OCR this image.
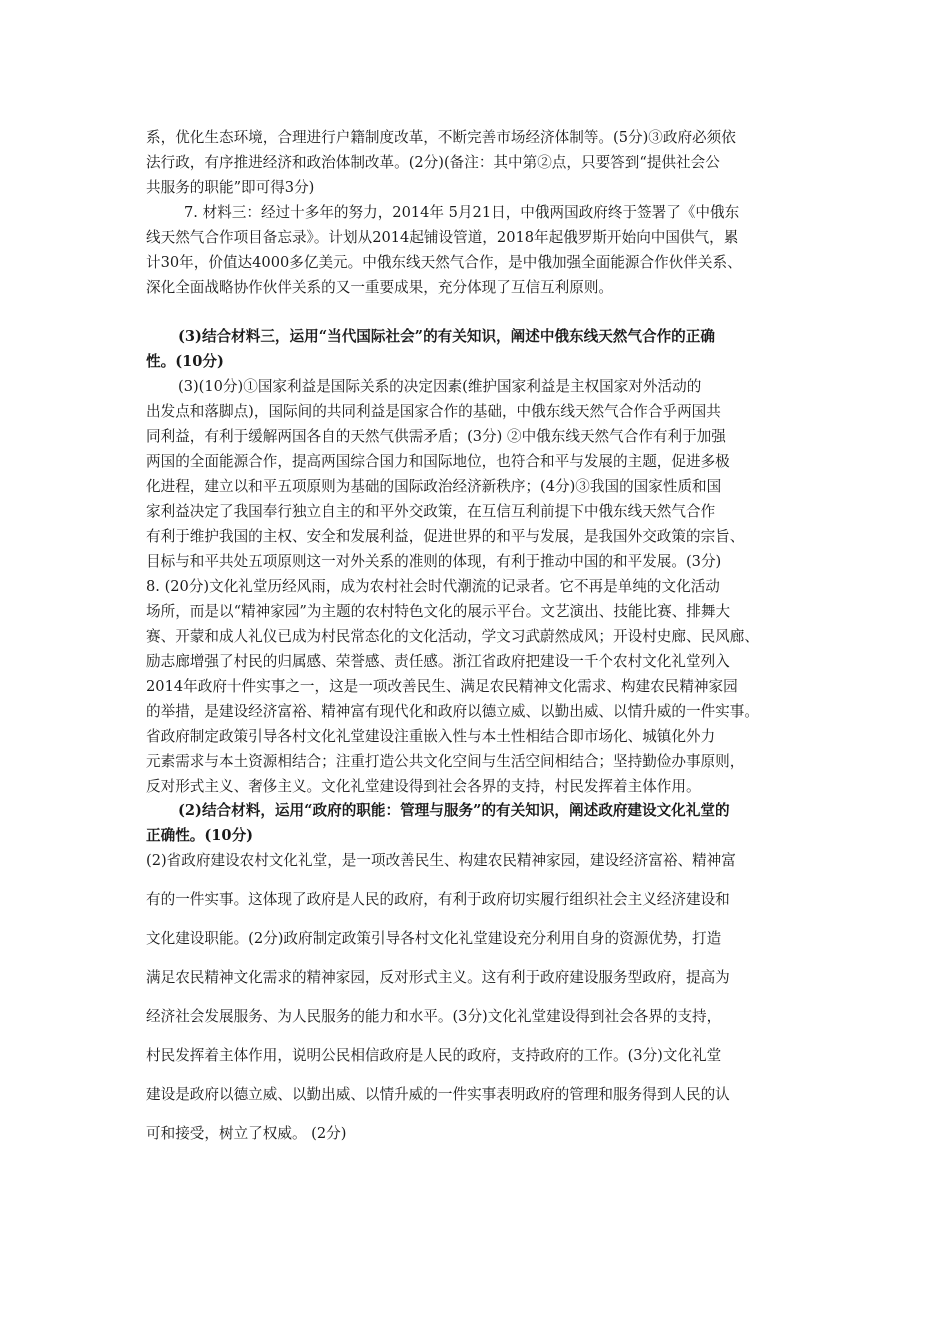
系，优化生态环境，合理进行户籍制度改革，不断完善市场经济体制等。(5分)③政府必须依
法行政，有序推进经济和政治体制改革。(2分)(备注：其中第②点，只要答到“提供社会公
共服务的职能”即可得3分)
7. 材料三：经过十多年的努力，2014年 5月21日，中俄两国政府终于签署了《中俄东
线天然气合作项目备忘录》。计划从2014起铺设管道，2018年起俄罗斯开始向中国供气，累
计30年，价值达4000多亿美元。中俄东线天然气合作，是中俄加强全面能源合作伙伴关系、
深化全面战略协作伙伴关系的又一重要成果，充分体现了互信互利原则。
(3)结合材料三，运用“当代国际社会”的有关知识，阐述中俄东线天然气合作的正确
性。(10分)
(3)(10分)①国家利益是国际关系的决定因素(维护国家利益是主权国家对外活动的
出发点和落脚点)，国际间的共同利益是国家合作的基础，中俄东线天然气合作合乎两国共
同利益，有利于缓解两国各自的天然气供需矛盾；(3分) ②中俄东线天然气合作有利于加强
两国的全面能源合作，提高两国综合国力和国际地位，也符合和平与发展的主题，促进多极
化进程，建立以和平五项原则为基础的国际政治经济新秩序；(4分)③我国的国家性质和国
家利益决定了我国奉行独立自主的和平外交政策，在互信互利前提下中俄东线天然气合作
有利于维护我国的主权、安全和发展利益，促进世界的和平与发展，是我国外交政策的宗旨、
目标与和平共处五项原则这一对外关系的准则的体现，有利于推动中国的和平发展。(3分)
8. (20分)文化礼堂历经风雨，成为农村社会时代潮流的记录者。它不再是单纯的文化活动
场所，而是以“精神家园”为主题的农村特色文化的展示平台。文艺演出、技能比赛、排舞大
赛、开蒙和成人礼仪已成为村民常态化的文化活动，学文习武蔚然成风；开设村史廊、民风廊、
励志廊增强了村民的归属感、荣誉感、责任感。浙江省政府把建设一千个农村文化礼堂列入
2014年政府十件实事之一，这是一项改善民生、满足农民精神文化需求、构建农民精神家园
的举措，是建设经济富裕、精神富有现代化和政府以德立威、以勤出威、以情升威的一件实事。
省政府制定政策引导各村文化礼堂建设注重嵌入性与本土性相结合即市场化、城镇化外力
元素需求与本土资源相结合；注重打造公共文化空间与生活空间相结合；坚持勤俭办事原则，
反对形式主义、奢侈主义。文化礼堂建设得到社会各界的支持，村民发挥着主体作用。
(2)结合材料，运用“政府的职能：管理与服务”的有关知识，阐述政府建设文化礼堂的
正确性。(10分)
(2)省政府建设农村文化礼堂，是一项改善民生、构建农民精神家园，建设经济富裕、精神富
有的一件实事。这体现了政府是人民的政府，有利于政府切实履行组织社会主义经济建设和
文化建设职能。(2分)政府制定政策引导各村文化礼堂建设充分利用自身的资源优势，打造
满足农民精神文化需求的精神家园，反对形式主义。这有利于政府建设服务型政府，提高为
经济社会发展服务、为人民服务的能力和水平。(3分)文化礼堂建设得到社会各界的支持，
村民发挥着主体作用，说明公民相信政府是人民的政府，支持政府的工作。(3分)文化礼堂
建设是政府以德立威、以勤出威、以情升威的一件实事表明政府的管理和服务得到人民的认
可和接受，树立了权威。 (2分)
